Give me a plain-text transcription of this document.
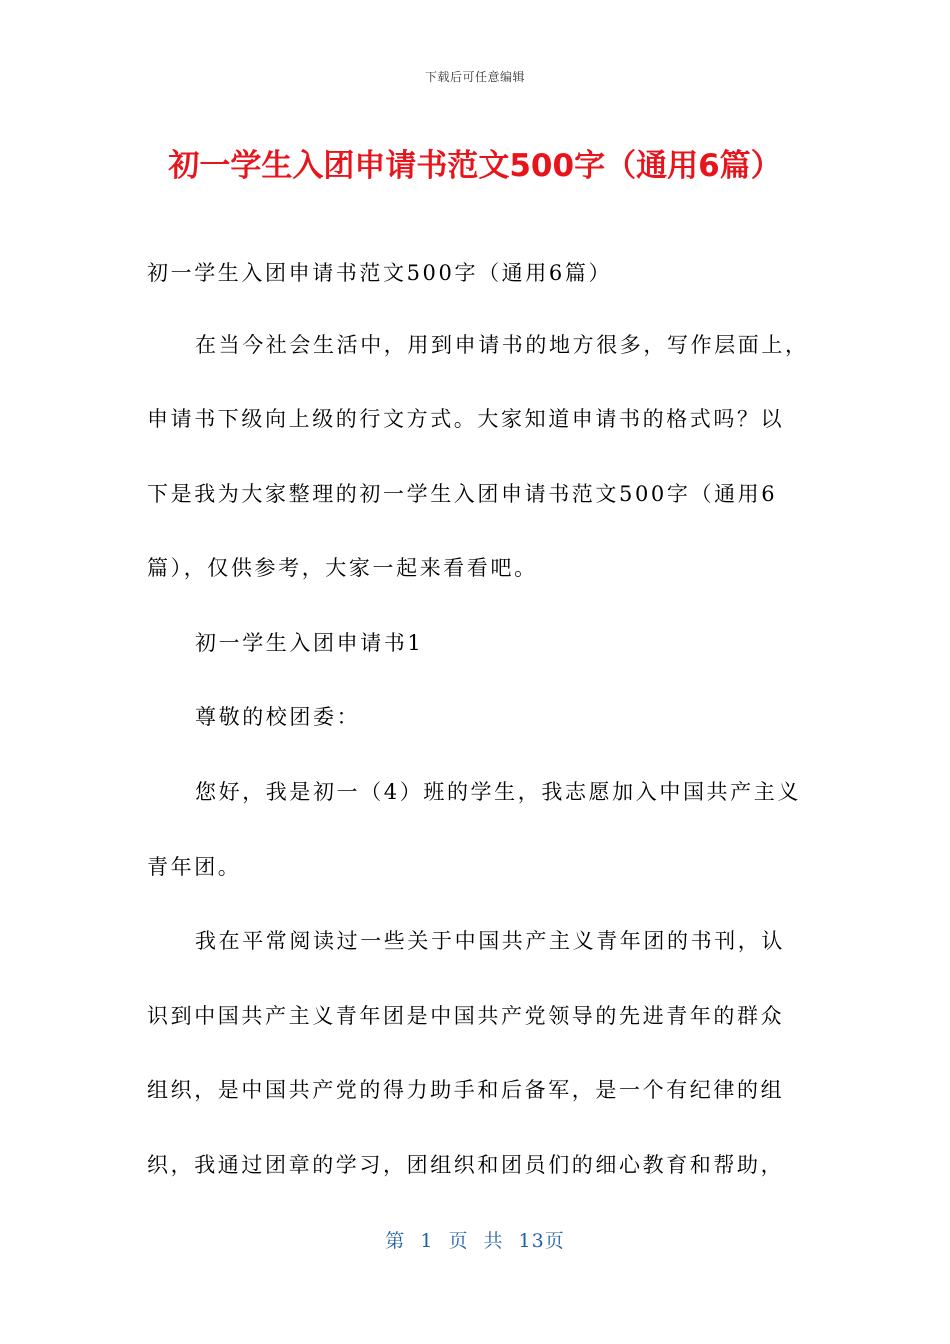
下载后可任意编辑
初一学生入团申请书范文500字（通用6篇）
初一学生入团申请书范文500字（通用6篇）
在当今社会生活中，用到申请书的地方很多，写作层面上，
申请书下级向上级的行文方式。大家知道申请书的格式吗？以
下是我为大家整理的初一学生入团申请书范文500字（通用6
篇），仅供参考，大家一起来看看吧。
初一学生入团申请书1
尊敬的校团委：
您好，我是初一（4）班的学生，我志愿加入中国共产主义
青年团。
我在平常阅读过一些关于中国共产主义青年团的书刊，认
识到中国共产主义青年团是中国共产党领导的先进青年的群众
组织，是中国共产党的得力助手和后备军，是一个有纪律的组
织，我通过团章的学习，团组织和团员们的细心教育和帮助，
第 1 页 共 13页
